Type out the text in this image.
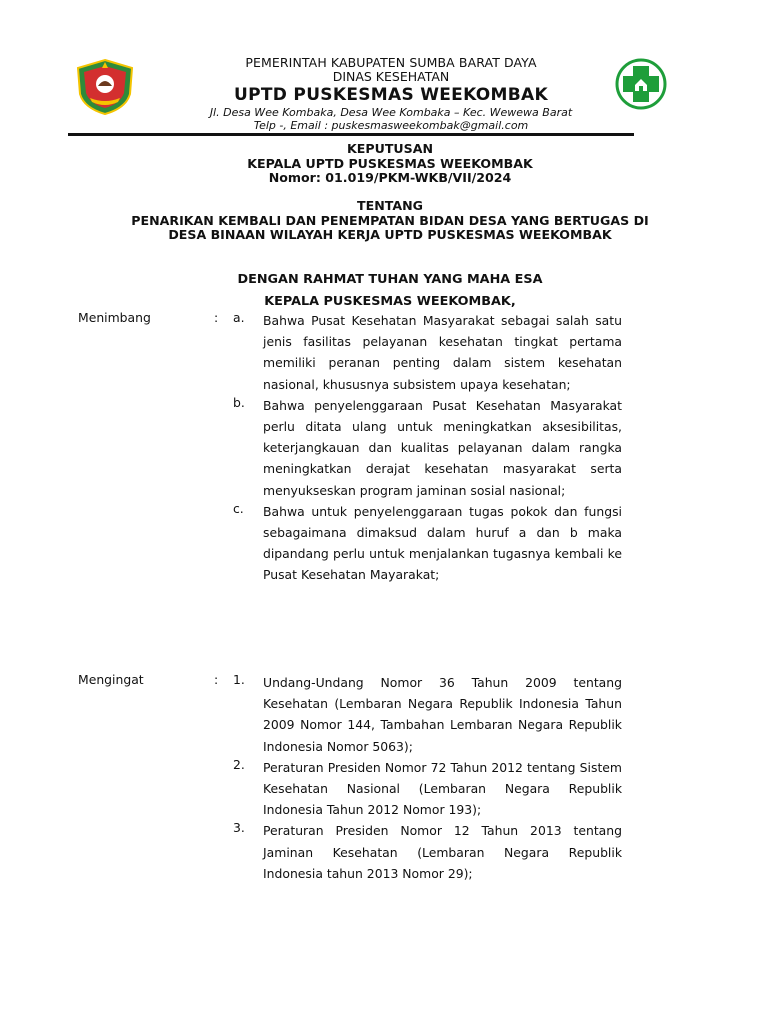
PEMERINTAH KABUPATEN SUMBA BARAT DAYA
DINAS KESEHATAN
UPTD PUSKESMAS WEEKOMBAK
Jl. Desa Wee Kombaka, Desa Wee Kombaka – Kec. Wewewa Barat
Telp -, Email : puskesmasweekombak@gmail.com
KEPUTUSAN
KEPALA UPTD PUSKESMAS WEEKOMBAK
Nomor: 01.019/PKM-WKB/VII/2024
TENTANG
PENARIKAN KEMBALI DAN PENEMPATAN BIDAN DESA YANG BERTUGAS DI
DESA BINAAN WILAYAH KERJA UPTD PUSKESMAS WEEKOMBAK
DENGAN RAHMAT TUHAN YANG MAHA ESA
KEPALA PUSKESMAS WEEKOMBAK,
Menimbang	: a. Bahwa Pusat Kesehatan Masyarakat sebagai salah satu jenis fasilitas pelayanan kesehatan tingkat pertama memiliki peranan penting dalam sistem kesehatan nasional, khususnya subsistem upaya kesehatan;
b. Bahwa penyelenggaraan Pusat Kesehatan Masyarakat perlu ditata ulang untuk meningkatkan aksesibilitas, keterjangkauan dan kualitas pelayanan dalam rangka meningkatkan derajat kesehatan masyarakat serta menyukseskan program jaminan sosial nasional;
c. Bahwa untuk penyelenggaraan tugas pokok dan fungsi sebagaimana dimaksud dalam huruf a dan b maka dipandang perlu untuk menjalankan tugasnya kembali ke Pusat Kesehatan Mayarakat;
Mengingat	: 1. Undang-Undang Nomor 36 Tahun 2009 tentang Kesehatan (Lembaran Negara Republik Indonesia Tahun 2009 Nomor 144, Tambahan Lembaran Negara Republik Indonesia Nomor 5063);
2. Peraturan Presiden Nomor 72 Tahun 2012 tentang Sistem Kesehatan Nasional (Lembaran Negara Republik Indonesia Tahun 2012 Nomor 193);
3. Peraturan Presiden Nomor 12 Tahun 2013 tentang Jaminan Kesehatan (Lembaran Negara Republik Indonesia tahun 2013 Nomor 29);
